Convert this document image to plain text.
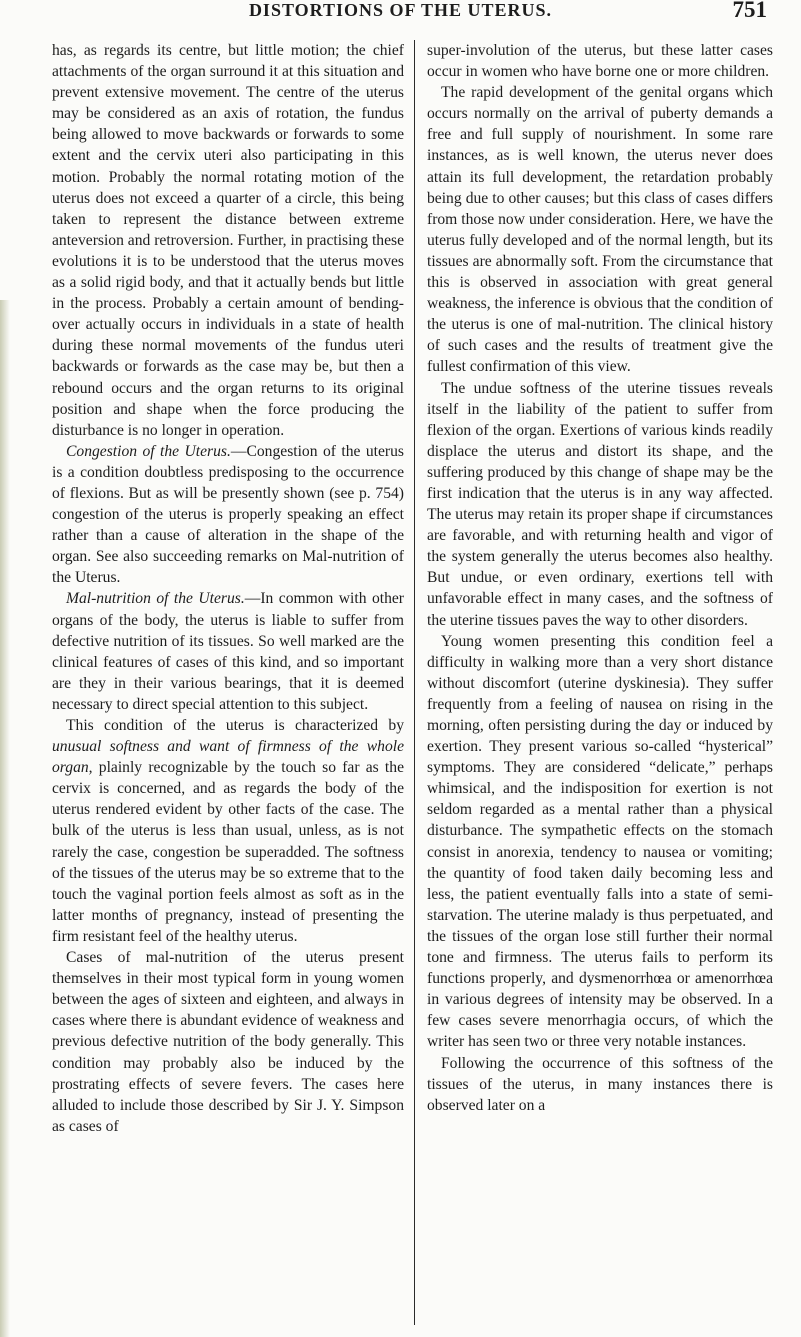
DISTORTIONS OF THE UTERUS.	751

has, as regards its centre, but little motion; the chief attachments of the organ surround it at this situation and prevent extensive movement. The centre of the uterus may be considered as an axis of rotation, the fundus being allowed to move backwards or forwards to some extent and the cervix uteri also participating in this motion. Probably the normal rotating motion of the uterus does not exceed a quarter of a circle, this being taken to represent the distance between extreme anteversion and retroversion. Further, in practising these evolutions it is to be understood that the uterus moves as a solid rigid body, and that it actually bends but little in the process. Probably a certain amount of bending-over actually occurs in individuals in a state of health during these normal movements of the fundus uteri backwards or forwards as the case may be, but then a rebound occurs and the organ returns to its original position and shape when the force producing the disturbance is no longer in operation.

Congestion of the Uterus.—Congestion of the uterus is a condition doubtless predisposing to the occurrence of flexions. But as will be presently shown (see p. 754) congestion of the uterus is properly speaking an effect rather than a cause of alteration in the shape of the organ. See also succeeding remarks on Mal-nutrition of the Uterus.

Mal-nutrition of the Uterus.—In common with other organs of the body, the uterus is liable to suffer from defective nutrition of its tissues. So well marked are the clinical features of cases of this kind, and so important are they in their various bearings, that it is deemed necessary to direct special attention to this subject.

This condition of the uterus is characterized by unusual softness and want of firmness of the whole organ, plainly recognizable by the touch so far as the cervix is concerned, and as regards the body of the uterus rendered evident by other facts of the case. The bulk of the uterus is less than usual, unless, as is not rarely the case, congestion be superadded. The softness of the tissues of the uterus may be so extreme that to the touch the vaginal portion feels almost as soft as in the latter months of pregnancy, instead of presenting the firm resistant feel of the healthy uterus.

Cases of mal-nutrition of the uterus present themselves in their most typical form in young women between the ages of sixteen and eighteen, and always in cases where there is abundant evidence of weakness and previous defective nutrition of the body generally. This condition may probably also be induced by the prostrating effects of severe fevers. The cases here alluded to include those described by Sir J. Y. Simpson as cases of

super-involution of the uterus, but these latter cases occur in women who have borne one or more children.

The rapid development of the genital organs which occurs normally on the arrival of puberty demands a free and full supply of nourishment. In some rare instances, as is well known, the uterus never does attain its full development, the retardation probably being due to other causes; but this class of cases differs from those now under consideration. Here, we have the uterus fully developed and of the normal length, but its tissues are abnormally soft. From the circumstance that this is observed in association with great general weakness, the inference is obvious that the condition of the uterus is one of mal-nutrition. The clinical history of such cases and the results of treatment give the fullest confirmation of this view.

The undue softness of the uterine tissues reveals itself in the liability of the patient to suffer from flexion of the organ. Exertions of various kinds readily displace the uterus and distort its shape, and the suffering produced by this change of shape may be the first indication that the uterus is in any way affected. The uterus may retain its proper shape if circumstances are favorable, and with returning health and vigor of the system generally the uterus becomes also healthy. But undue, or even ordinary, exertions tell with unfavorable effect in many cases, and the softness of the uterine tissues paves the way to other disorders.

Young women presenting this condition feel a difficulty in walking more than a very short distance without discomfort (uterine dyskinesia). They suffer frequently from a feeling of nausea on rising in the morning, often persisting during the day or induced by exertion. They present various so-called “hysterical” symptoms. They are considered “delicate,” perhaps whimsical, and the indisposition for exertion is not seldom regarded as a mental rather than a physical disturbance. The sympathetic effects on the stomach consist in anorexia, tendency to nausea or vomiting; the quantity of food taken daily becoming less and less, the patient eventually falls into a state of semi-starvation. The uterine malady is thus perpetuated, and the tissues of the organ lose still further their normal tone and firmness. The uterus fails to perform its functions properly, and dysmenorrhœa or amenorrhœa in various degrees of intensity may be observed. In a few cases severe menorrhagia occurs, of which the writer has seen two or three very notable instances.

Following the occurrence of this softness of the tissues of the uterus, in many instances there is observed later on a
